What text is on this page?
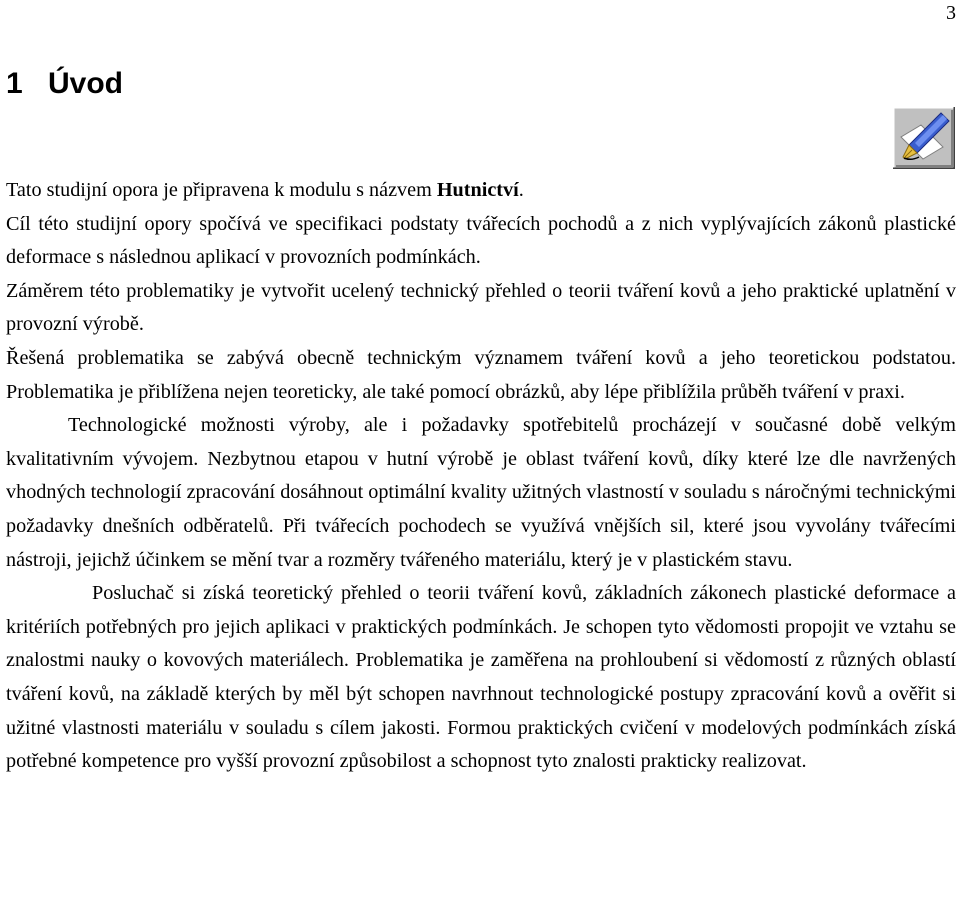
3
1 Úvod

Tato studijní opora je připravena k modulu s názvem Hutnictví.

Cíl této studijní opory spočívá ve specifikaci podstaty tvářecích pochodů a z nich vyplývajících zákonů plastické deformace s následnou aplikací v provozních podmínkách.

Záměrem této problematiky je vytvořit ucelený technický přehled o teorii tváření kovů a jeho praktické uplatnění v provozní výrobě.

Řešená problematika se zabývá obecně technickým významem tváření kovů a jeho teoretickou podstatou. Problematika je přiblížena nejen teoreticky, ale také pomocí obrázků, aby lépe přiblížila průběh tváření v praxi.

Technologické možnosti výroby, ale i požadavky spotřebitelů procházejí v současné době velkým kvalitativním vývojem. Nezbytnou etapou v hutní výrobě je oblast tváření kovů, díky které lze dle navržených vhodných technologií zpracování dosáhnout optimální kvality užitných vlastností v souladu s náročnými technickými požadavky dnešních odběratelů. Při tvářecích pochodech se využívá vnějších sil, které jsou vyvolány tvářecími nástroji, jejichž účinkem se mění tvar a rozměry tvářeného materiálu, který je v plastickém stavu.

Posluchač si získá teoretický přehled o teorii tváření kovů, základních zákonech plastické deformace a kritériích potřebných pro jejich aplikaci v praktických podmínkách. Je schopen tyto vědomosti propojit ve vztahu se znalostmi nauky o kovových materiálech. Problematika je zaměřena na prohloubení si vědomostí z různých oblastí tváření kovů, na základě kterých by měl být schopen navrhnout technologické postupy zpracování kovů a ověřit si užitné vlastnosti materiálu v souladu s cílem jakosti. Formou praktických cvičení v modelových podmínkách získá potřebné kompetence pro vyšší provozní způsobilost a schopnost tyto znalosti prakticky realizovat.
